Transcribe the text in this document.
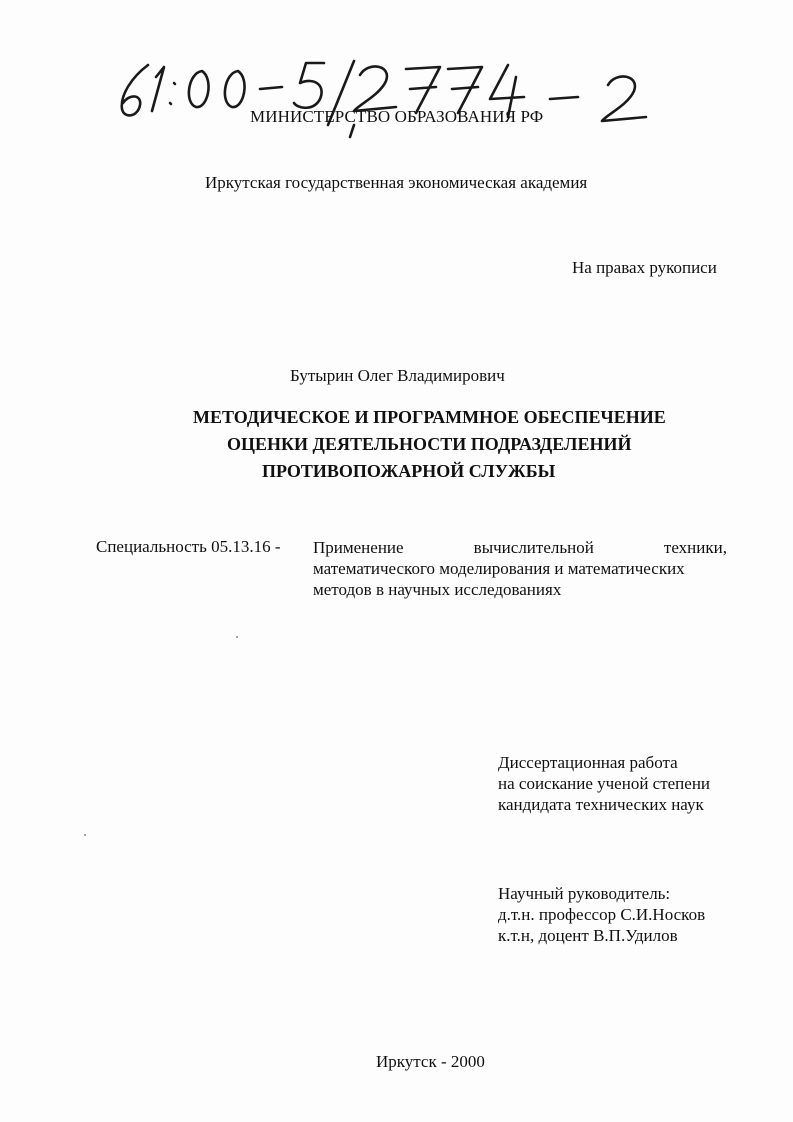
МИНИСТЕРСТВО ОБРАЗОВАНИЯ РФ
Иркутская государственная экономическая академия
На правах рукописи
Бутырин Олег Владимирович
МЕТОДИЧЕСКОЕ И ПРОГРАММНОЕ ОБЕСПЕЧЕНИЕ
ОЦЕНКИ ДЕЯТЕЛЬНОСТИ ПОДРАЗДЕЛЕНИЙ
ПРОТИВОПОЖАРНОЙ СЛУЖБЫ
Специальность 05.13.16 - Применение	вычислительной	техники,
математического моделирования и математических
методов в научных исследованиях
Диссертационная работа
на соискание ученой степени
кандидата технических наук
Научный руководитель:
д.т.н. профессор С.И.Носков
к.т.н, доцент В.П.Удилов
Иркутск - 2000
